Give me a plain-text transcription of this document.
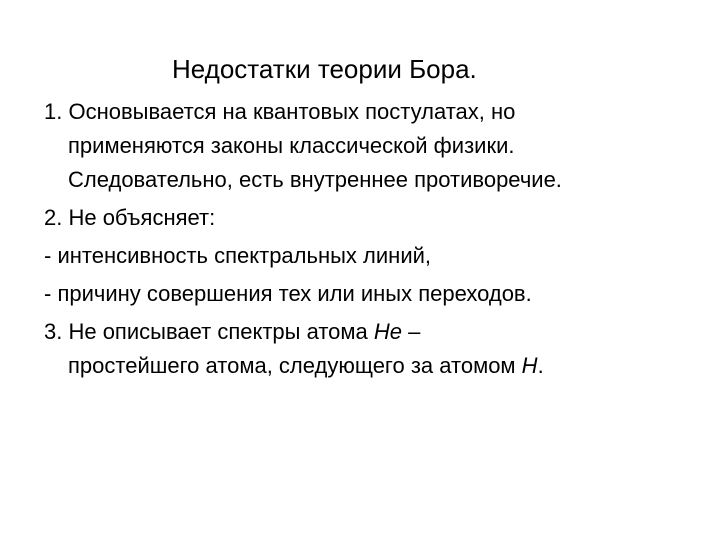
Недостатки теории Бора.
1. Основывается на квантовых постулатах, но
применяются законы классической физики.
Следовательно, есть внутреннее противоречие.
2. Не объясняет:
- интенсивность спектральных линий,
- причину совершения тех или иных переходов.
3. Не описывает спектры атома He –
простейшего атома, следующего за атомом H.
